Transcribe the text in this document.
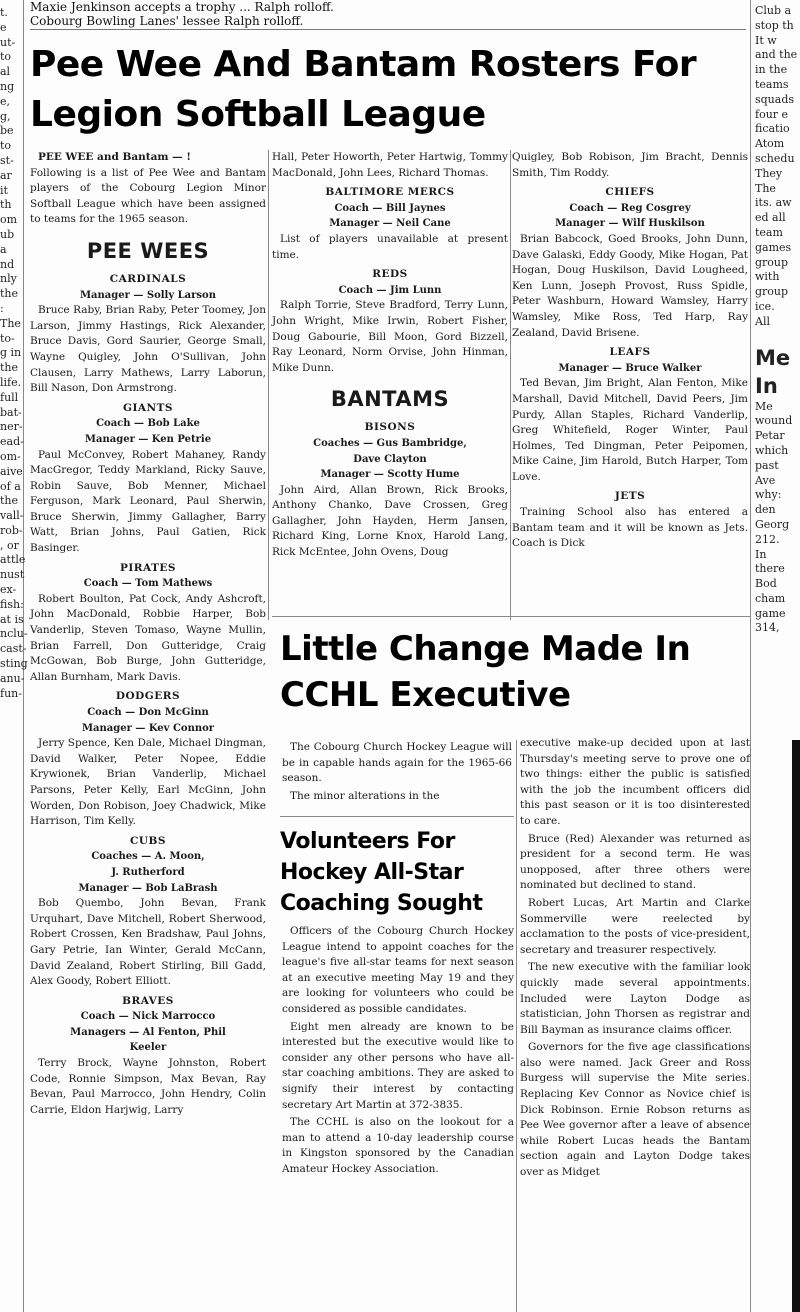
t.
e
ut-
to
al
ng
e,
g,
be
to
st-
ar
it
th
om
ub
a
nd
nly
the
:
The
to-
g in
the
life.
full
bat-
ner-
ead-
om-
aive
of a
the
vall-
rob-
, or
attle
nust
ex-
fish:
at is
nclu-
cast-
sting
anu-
fun-
Club a
stop th
It w
and the
in the
teams
squads
four e
ficatio
Atom
schedu
They
The
its. aw
ed all
team
games
group
with
group
ice.
All
Me
In
Me
wound
Petar
which
past
Ave
why:
den
Georg
212.
In
there
Bod
cham
game
314,
Maxie Jenkinson accepts a trophy ... Ralph rolloff.
Cobourg Bowling Lanes' lessee Ralph rolloff.
Pee Wee And Bantam Rosters For Legion Softball League
PEE WEE and Bantam — !
Following is a list of Pee Wee and Bantam players of the Cobourg Legion Minor Softball League which have been assigned to teams for the 1965 season.
PEE WEES
CARDINALS
Manager — Solly Larson
Bruce Raby, Brian Raby, Peter Toomey, Jon Larson, Jimmy Hastings, Rick Alexander, Bruce Davis, Gord Saurier, George Small, Wayne Quigley, John O'Sullivan, John Clausen, Larry Mathews, Larry Laborun, Bill Nason, Don Armstrong.
GIANTS
Coach — Bob Lake
Manager — Ken Petrie
Paul McConvey, Robert Mahaney, Randy MacGregor, Teddy Markland, Ricky Sauve, Robin Sauve, Bob Menner, Michael Ferguson, Mark Leonard, Paul Sherwin, Bruce Sherwin, Jimmy Gallagher, Barry Watt, Brian Johns, Paul Gatien, Rick Basinger.
PIRATES
Coach — Tom Mathews
Robert Boulton, Pat Cock, Andy Ashcroft, John MacDonald, Robbie Harper, Bob Vanderlip, Steven Tomaso, Wayne Mullin, Brian Farrell, Don Gutteridge, Craig McGowan, Bob Burge, John Gutteridge, Allan Burnham, Mark Davis.
DODGERS
Coach — Don McGinn
Manager — Kev Connor
Jerry Spence, Ken Dale, Michael Dingman, David Walker, Peter Nopee, Eddie Krywionek, Brian Vanderlip, Michael Parsons, Peter Kelly, Earl McGinn, John Worden, Don Robison, Joey Chadwick, Mike Harrison, Tim Kelly.
CUBS
Coaches — A. Moon,
J. Rutherford
Manager — Bob LaBrash
Bob Quembo, John Bevan, Frank Urquhart, Dave Mitchell, Robert Sherwood, Robert Crossen, Ken Bradshaw, Paul Johns, Gary Petrie, Ian Winter, Gerald McCann, David Zealand, Robert Stirling, Bill Gadd, Alex Goody, Robert Elliott.
BRAVES
Coach — Nick Marrocco
Managers — Al Fenton, Phil
Keeler
Terry Brock, Wayne Johnston, Robert Code, Ronnie Simpson, Max Bevan, Ray Bevan, Paul Marrocco, John Hendry, Colin Carrie, Eldon Harjwig, Larry
Hall, Peter Howorth, Peter Hartwig, Tommy MacDonald, John Lees, Richard Thomas.
BALTIMORE MERCS
Coach — Bill Jaynes
Manager — Neil Cane
List of players unavailable at present time.
REDS
Coach — Jim Lunn
Ralph Torrie, Steve Bradford, Terry Lunn, John Wright, Mike Irwin, Robert Fisher, Doug Gabourie, Bill Moon, Gord Bizzell, Ray Leonard, Norm Orvise, John Hinman, Mike Dunn.
BANTAMS
BISONS
Coaches — Gus Bambridge,
Dave Clayton
Manager — Scotty Hume
John Aird, Allan Brown, Rick Brooks, Anthony Chanko, Dave Crossen, Greg Gallagher, John Hayden, Herm Jansen, Richard King, Lorne Knox, Harold Lang, Rick McEntee, John Ovens, Doug
Quigley, Bob Robison, Jim Bracht, Dennis Smith, Tim Roddy.
CHIEFS
Coach — Reg Cosgrey
Manager — Wilf Huskilson
Brian Babcock, Goed Brooks, John Dunn, Dave Galaski, Eddy Goody, Mike Hogan, Pat Hogan, Doug Huskilson, David Lougheed, Ken Lunn, Joseph Provost, Russ Spidle, Peter Washburn, Howard Wamsley, Harry Wamsley, Mike Ross, Ted Harp, Ray Zealand, David Brisene.
LEAFS
Manager — Bruce Walker
Ted Bevan, Jim Bright, Alan Fenton, Mike Marshall, David Mitchell, David Peers, Jim Purdy, Allan Staples, Richard Vanderlip, Greg Whitefield, Roger Winter, Paul Holmes, Ted Dingman, Peter Peipomen, Mike Caine, Jim Harold, Butch Harper, Tom Love.
JETS
Training School also has entered a Bantam team and it will be known as Jets. Coach is Dick
Little Change Made In CCHL Executive
The Cobourg Church Hockey League will be in capable hands again for the 1965-66 season.
The minor alterations in the
Volunteers For Hockey All-Star Coaching Sought
Officers of the Cobourg Church Hockey League intend to appoint coaches for the league's five all-star teams for next season at an executive meeting May 19 and they are looking for volunteers who could be considered as possible candidates.
Eight men already are known to be interested but the executive would like to consider any other persons who have all-star coaching ambitions. They are asked to signify their interest by contacting secretary Art Martin at 372-3835.
The CCHL is also on the lookout for a man to attend a 10-day leadership course in Kingston sponsored by the Canadian Amateur Hockey Association.
executive make-up decided upon at last Thursday's meeting serve to prove one of two things: either the public is satisfied with the job the incumbent officers did this past season or it is too disinterested to care.
Bruce (Red) Alexander was returned as president for a second term. He was unopposed, after three others were nominated but declined to stand.
Robert Lucas, Art Martin and Clarke Sommerville were reelected by acclamation to the posts of vice-president, secretary and treasurer respectively.
The new executive with the familiar look quickly made several appointments. Included were Layton Dodge as statistician, John Thorsen as registrar and Bill Bayman as insurance claims officer.
Governors for the five age classifications also were named. Jack Greer and Ross Burgess will supervise the Mite series. Replacing Kev Connor as Novice chief is Dick Robinson. Ernie Robson returns as Pee Wee governor after a leave of absence while Robert Lucas heads the Bantam section again and Layton Dodge takes over as Midget
